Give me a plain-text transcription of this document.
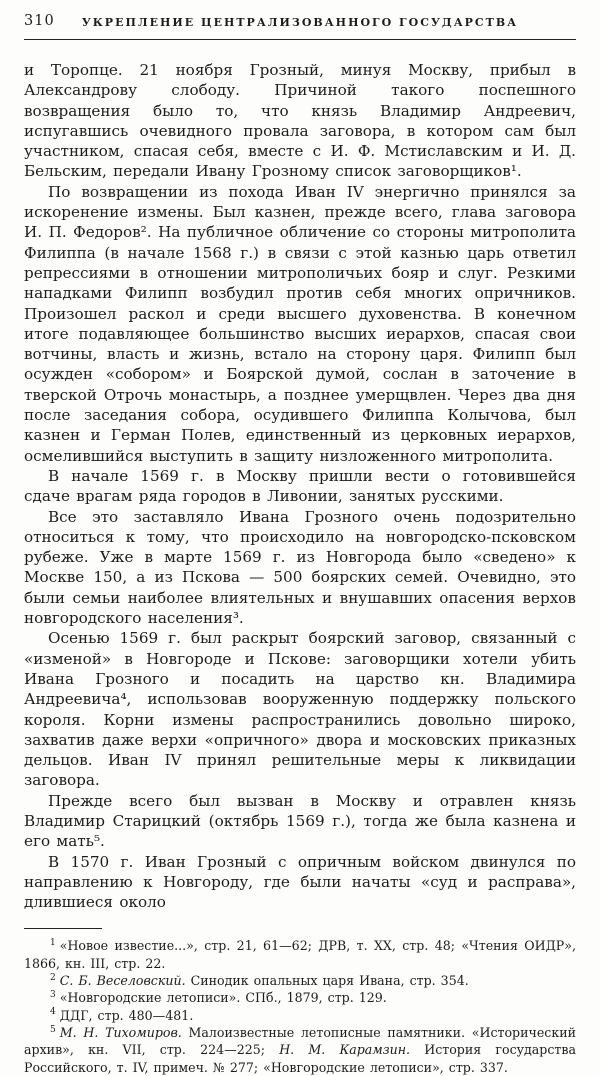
310	УКРЕПЛЕНИЕ ЦЕНТРАЛИЗОВАННОГО ГОСУДАРСТВА

и Торопце. 21 ноября Грозный, минуя Москву, прибыл в Александрову слободу. Причиной такого поспешного возвращения было то, что князь Владимир Андреевич, испугавшись очевидного провала заговора, в котором сам был участником, спасая себя, вместе с И. Ф. Мстиславским и И. Д. Бельским, передали Ивану Грозному список заговорщиков¹.

По возвращении из похода Иван IV энергично принялся за искоренение измены. Был казнен, прежде всего, глава заговора И. П. Федоров². На публичное обличение со стороны митрополита Филиппа (в начале 1568 г.) в связи с этой казнью царь ответил репрессиями в отношении митрополичьих бояр и слуг. Резкими нападками Филипп возбудил против себя многих опричников. Произошел раскол и среди высшего духовенства. В конечном итоге подавляющее большинство высших иерархов, спасая свои вотчины, власть и жизнь, встало на сторону царя. Филипп был осужден «собором» и Боярской думой, сослан в заточение в тверской Отрочь монастырь, а позднее умерщвлен. Через два дня после заседания собора, осудившего Филиппа Колычова, был казнен и Герман Полев, единственный из церковных иерархов, осмелившийся выступить в защиту низложенного митрополита.

В начале 1569 г. в Москву пришли вести о готовившейся сдаче врагам ряда городов в Ливонии, занятых русскими.

Все это заставляло Ивана Грозного очень подозрительно относиться к тому, что происходило на новгородско-псковском рубеже. Уже в марте 1569 г. из Новгорода было «сведено» к Москве 150, а из Пскова — 500 боярских семей. Очевидно, это были семьи наиболее влиятельных и внушавших опасения верхов новгородского населения³.

Осенью 1569 г. был раскрыт боярский заговор, связанный с «изменой» в Новгороде и Пскове: заговорщики хотели убить Ивана Грозного и посадить на царство кн. Владимира Андреевича⁴, использовав вооруженную поддержку польского короля. Корни измены распространились довольно широко, захватив даже верхи «опричного» двора и московских приказных дельцов. Иван IV принял решительные меры к ликвидации заговора.

Прежде всего был вызван в Москву и отравлен князь Владимир Старицкий (октябрь 1569 г.), тогда же была казнена и его мать⁵.

В 1570 г. Иван Грозный с опричным войском двинулся по направлению к Новгороду, где были начаты «суд и расправа», длившиеся около

$^1$ «Новое известие...», стр. 21, 61—62; ДРВ, т. XX, стр. 48; «Чтения ОИДР», 1866, кн. III, стр. 22.

$^2$ С. Б. Веселовский. Синодик опальных царя Ивана, стр. 354.

$^3$ «Новгородские летописи». СПб., 1879, стр. 129.

$^4$ ДДГ, стр. 480—481.

$^5$ М. Н. Тихомиров. Малоизвестные летописные памятники. «Исторический архив», кн. VII, стр. 224—225; Н. М. Карамзин. История государства Российского, т. IV, примеч. № 277; «Новгородские летописи», стр. 337.
